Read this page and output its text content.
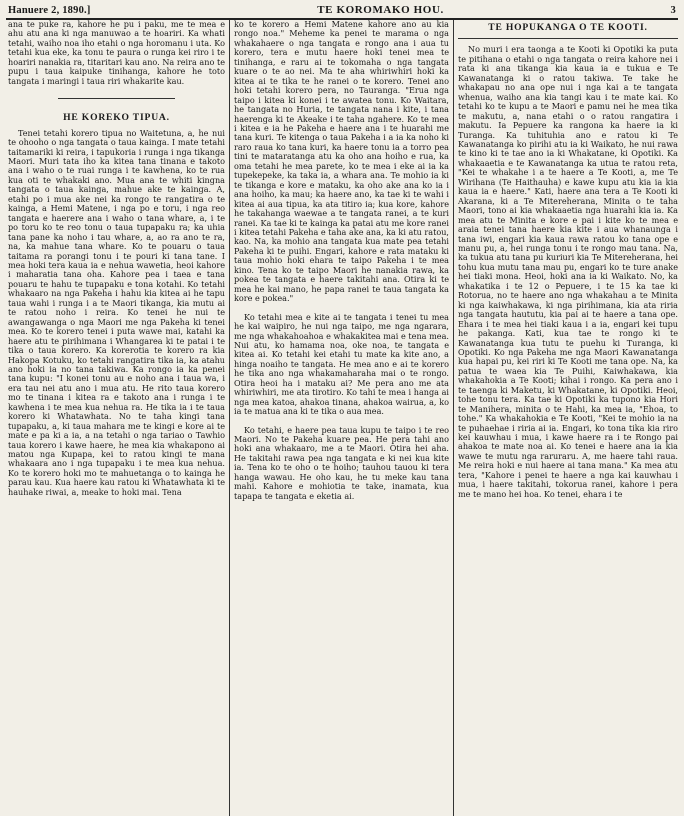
Hanuere 2, 1890.]	TE KOROMAKO HOU.	3

ana te puke ra, kahore he pu i paku, me te mea e ahu atu ana ki nga manuwao a te hoariri. Ka whati tetahi, waiho noa iho etahi o nga horomanu i uta. Ko tetahi kua eke, ka tonu te paura o runga kei riro i te hoariri nanakia ra, titaritari kau ano. Na reira ano te pupu i taua kaipuke tinihanga, kahore he toto tangata i maringi i taua riri whakarite kau.

HE KOREKO TIPUA.

Tenei tetahi korero tipua no Waitetuna, a, he nui te ohooho o nga tangata o taua kainga. I mate tetahi taitamariki ki reira, i tapukoria i runga i nga tikanga Maori. Muri tata iho ka kitea tana tinana e takoto ana i waho o te ruai runga i te kawhena, ko te rua kua oti te whakaki ano. Mua ana te whiti kingna tangata o taua kainga, mahue ake te kainga. A, etahi po i mua ake nei ka rongo te rangatira o te kainga, a Hemi Matene, i nga po e toru, i nga reo tangata e haerere ana i waho o tana whare, a, i te po toru ko te reo tonu o taua tupapaku ra; ka uhia tana pane ka noho i tau whare, a, ao ra ano te ra, na, ka mahue tana whare. Ko te pouaru o taua taitama ra porangi tonu i te pouri ki tana tane. I mea hoki tera kaua ia e nehua wawetia, heoi kahore i maharatia tana oha. Kahore pea i taea e tana pouaru te hahu te tupapaku e tona kotahi. Ko tetahi whakaaro na nga Pakeha i hahu kia kitea ai he tapu taua wahi i runga i a te Maori tikanga, kia mutu ai te ratou noho i reira. Ko tenei he nui te awangawanga o nga Maori me nga Pakeha ki tenei mea. Ko te korero tenei i puta wawe mai, katahi ka haere atu te pirihimana i Whangarea ki te patai i te tika o taua korero. Ka korerotia te korero ra kia Hakopa Kotuku, ko tetahi rangatira tika ia, ka atahu ano hoki ia no tana takiwa. Ka rongo ia ka penei tana kupu: "I konei tonu au e noho ana i taua wa, i era tau nei atu ano i mua atu. He rito taua korero mo te tinana i kitea ra e takoto ana i runga i te kawhena i te mea kua nehua ra. He tika ia i te taua korero ki Whatawhata. No te taha kingi tana tupapaku, a, ki taua mahara me te kingi e kore ai te mate e pa ki a ia, a na tetahi o nga tariao o Tawhio taua korero i kawe haere, he mea kia whakapono ai matou nga Kupapa, kei to ratou kingi te mana whakaara ano i nga tupapaku i te mea kua nehua. Ko te korero hoki mo te mahuetanga o to kainga he parau kau. Kua haere kau ratou ki Whatawhata ki te hauhake riwai, a, meake to hoki mai. Tena

ko te korero a Hemi Matene kahore ano au kia rongo noa." Meheme ka penei te marama o nga whakahaere o nga tangata e rongo ana i aua tu korero, tera e mutu haere hoki tenei mea te tinihanga, e raru ai te tokomaha o nga tangata kuare o te ao nei. Ma te aha whiriwhiri hoki ka kitea ai te tika te he ranei o te korero. Tenei ano hoki tetahi korero pera, no Tauranga. "Erua nga taipo i kitea ki konei i te awatea tonu. Ko Waitara, he tangata no Huria, te tangata nana i kite, i tana haerenga ki te Akeake i te taha ngahere. Ko te mea i kitea e ia he Pakeha e haere ana i te huarahi me tana kuri. Te kitenga o taua Pakeha i a ia ka noho ki raro raua ko tana kuri, ka haere tonu ia a torro pea tini te mataratanga atu ka oho ana hoiho e rua, ka oma tetahi he mea parete, ko te mea i eke ai ia ka tupekepeke, ka taka ia, a whara ana. Te mohio ia ki te tikanga e kore e mataku, ka oho ake ana ko ia i ana hoiho, ka mau; ka haere ano, ka tae ki te wahi i kitea ai aua tipua, ka ata titiro ia; kua kore, kahore he takahanga waewae a te tangata ranei, a te kuri ranei. Ka tae ki te kainga ka patai atu me kore ranei i kitea tetahi Pakeha e taha ake ana, ka ki atu ratou, kao. Na, ka mohio ana tangata kua mate pea tetahi Pakeha ki te puihi. Engari, kahore e rata mataku ki taua mohio hoki ehara te taipo Pakeha i te mea kino. Tena ko te taipo Maori he nanakia rawa, ka pokea te tangata e haere takitahi ana. Otira ki te mea he kai mano, he papa ranei te taua tangata ka kore e pokea."

Ko tetahi mea e kite ai te tangata i tenei tu mea he kai waipiro, he nui nga taipo, me nga ngarara, me nga whakahoahoa e whakakitea mai e tena mea. Nui atu, ko hamama noa, oke noa, te tangata e kitea ai. Ko tetahi kei etahi tu mate ka kite ano, a hinga noaiho te tangata. He mea ano e ai te korero he tika ano nga whakamaharaha mai o te rongo. Otira heoi ha i mataku ai? Me pera ano me ata whiriwhiri, me ata tirotiro. Ko tahi te mea i hanga ai nga mea katoa, ahakoa tinana, ahakoa wairua, a, ko ia te matua ana ki te tika o aua mea.

Ko tetahi, e haere pea taua kupu te taipo i te reo Maori. No te Pakeha kuare pea. He pera tahi ano hoki ana whakaaro, me a te Maori. Otira hei aha. He takitahi rawa pea nga tangata e ki nei kua kite ia. Tena ko te oho o te hoiho; tauhou tauou ki tera hanga wawau. He oho kau, he tu meke kau tana mahi. Kahore e mohiotia te take, inamata, kua tapapa te tangata e eketia ai.

TE HOPUKANGA O TE KOOTI.

No muri i era taonga a te Kooti ki Opotiki ka puta te pitihana o etahi o nga tangata o reira kahore nei i rata ki ana tikanga kia kaua ia e tukua e Te Kawanatanga ki o ratou takiwa. Te take he whakapau no ana ope nui i nga kai a te tangata whenua, waiho ana kia tangi kau i te mate kai. Ko tetahi ko te kupu a te Maori e pamu nei he mea tika te makutu, a, nana etahi o o ratou rangatira i makutu. Ia Pepuere ka rangona ka haere ia ki Turanga. Ka tuhituhia ano e ratou ki Te Kawanatanga ko pirihi atu ia ki Waikato, he nui rawa te kino ki te tae ano ia ki Whakatane, ki Opotiki. Ka whakaaetia e te Kawanatanga ka utua te ratou reta, "Kei te whakahe i a te haere a Te Kooti, a, me Te Wirihana (Te Haithauha) e kawe kupu atu kia ia kia kaua ia e haere." Kati, haere ana tera a Te Kooti ki Akarana, ki a Te Mitereherana, Minita o te taha Maori, tono ai kia whakaaetia nga huarahi kia ia. Ka mea atu te Minita e kore e pai i kite ko te mea e araia tenei tana haere kia kite i aua whanaunga i tana iwi, engari kia kaua rawa ratou ko tana ope e manu pu, a, hei runga tonu i te rongo mau tana. Na, ka tukua atu tana pu kuriuri kia Te Mitereherana, hei tohu kua mutu tana mau pu, engari ko te ture anake hei tiaki mona. Heoi, hoki ana ia ki Waikato. No, ka whakatika i te 12 o Pepuere, i te 15 ka tae ki Rotorua, no te haere ano nga whakahau a te Minita ki nga kaiwhakawa, ki nga pirihimana, kia ata riria nga tangata haututu, kia pai ai te haere a tana ope. Ehara i te mea hei tiaki kaua i a ia, engari kei tupu he pakanga. Kati, kua tae te rongo ki te Kawanatanga kua tutu te puehu ki Turanga, ki Opotiki. Ko nga Pakeha me nga Maori Kawanatanga kua hapai pu, kei riri ki Te Kooti me tana ope. Na, ka patua te waea kia Te Puihi, Kaiwhakawa, kia whakahokia a Te Kooti; kihai i rongo. Ka pera ano i te taenga ki Maketu, ki Whakatane, ki Opotiki. Heoi, tohe tonu tera. Ka tae ki Opotiki ka tupono kia Hori te Manihera, minita o te Hahi, ka mea ia, "Ehoa, to tohe." Ka whakahokia e Te Kooti, "Kei te mohio ia na te puhaehae i riria ai ia. Engari, ko tona tika kia riro kei kauwhau i mua, i kawe haere ra i te Rongo pai ahakoa te mate noa ai. Ko tenei e haere ana ia kia wawe te mutu nga raruraru. A, me haere tahi raua. Me reira hoki e nui haere ai tana mana." Ka mea atu tera, "Kahore i penei te haere a nga kai kauwhau i mua, i haere takitahi, tokorua ranei, kahore i pera me te mano hei hoa. Ko tenei, ehara i te
